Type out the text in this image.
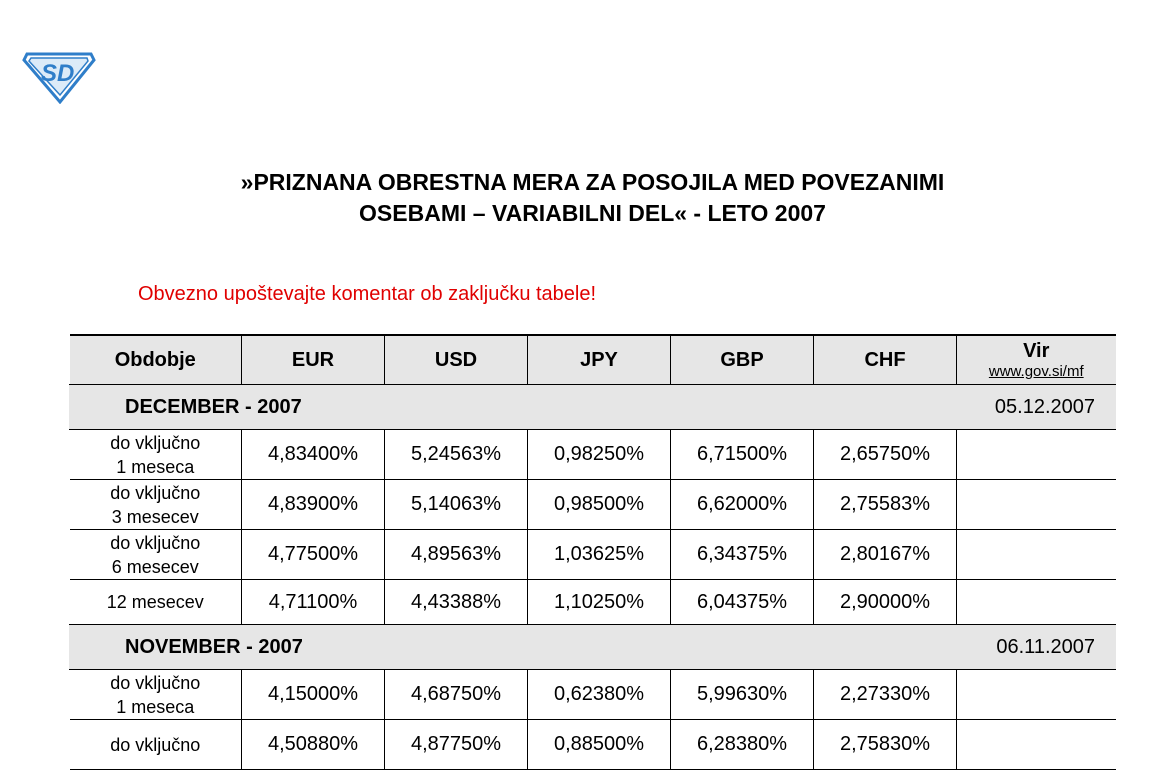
SD
»PRIZNANA OBRESTNA MERA ZA POSOJILA MED POVEZANIMI
OSEBAMI – VARIABILNI DEL« - LETO 2007
Obvezno upoštevajte komentar ob zaključku tabele!
Obdobje	EUR	USD	JPY	GBP	CHF	Vir
www.gov.si/mf

DECEMBER - 2007						05.12.2007

do vključno
1 meseca	4,83400%	5,24563%	0,98250%	6,71500%	2,65750%	

do vključno
3 mesecev	4,83900%	5,14063%	0,98500%	6,62000%	2,75583%	

do vključno
6 mesecev	4,77500%	4,89563%	1,03625%	6,34375%	2,80167%	

12 mesecev	4,71100%	4,43388%	1,10250%	6,04375%	2,90000%	
NOVEMBER - 2007						06.11.2007

do vključno
1 meseca	4,15000%	4,68750%	0,62380%	5,99630%	2,27330%	

do vključno	4,50880%	4,87750%	0,88500%	6,28380%	2,75830%	
